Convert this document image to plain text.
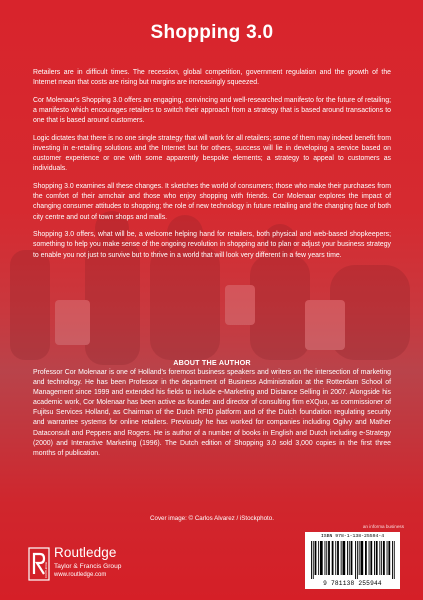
Shopping 3.0

Retailers are in difficult times. The recession, global competition, government regulation and the growth of the Internet mean that costs are rising but margins are increasingly squeezed.

Cor Molenaar's Shopping 3.0 offers an engaging, convincing and well-researched manifesto for the future of retailing; a manifesto which encourages retailers to switch their approach from a strategy that is based around transactions to one that is based around customers.

Logic dictates that there is no one single strategy that will work for all retailers; some of them may indeed benefit from investing in e-retailing solutions and the Internet but for others, success will lie in developing a service based on customer experience or one with some apparently bespoke elements; a strategy to appeal to customers as individuals.

Shopping 3.0 examines all these changes. It sketches the world of consumers; those who make their purchases from the comfort of their armchair and those who enjoy shopping with friends. Cor Molenaar explores the impact of changing consumer attitudes to shopping; the role of new technology in future retailing and the changing face of both city centre and out of town shops and malls.

Shopping 3.0 offers, what will be, a welcome helping hand for retailers, both physical and web-based shopkeepers; something to help you make sense of the ongoing revolution in shopping and to plan or adjust your business strategy to enable you not just to survive but to thrive in a world that will look very different in a few years time.

ABOUT THE AUTHOR

Professor Cor Molenaar is one of Holland's foremost business speakers and writers on the intersection of marketing and technology. He has been Professor in the department of Business Administration at the Rotterdam School of Management since 1999 and extended his fields to include e-Marketing and Distance Selling in 2007. Alongside his academic work, Cor Molenaar has been active as founder and director of consulting firm eXQuo, as commissioner of Fujitsu Services Holland, as Chairman of the Dutch RFID platform and of the Dutch foundation regulating security and warrantee systems for online retailers. Previously he has worked for companies including Ogilvy and Mather Dataconsult and Peppers and Rogers. He is author of a number of books in English and Dutch including e-Strategy (2000) and Interactive Marketing (1996). The Dutch edition of Shopping 3.0 sold 3,000 copies in the first three months of publication.

Cover image: © Carlos Alvarez / iStockphoto.
an informa business
ISBN 978-1-138-25594-4
9 781138 255944
ROUTLEDGE
Routledge
Taylor & Francis Group
www.routledge.com
